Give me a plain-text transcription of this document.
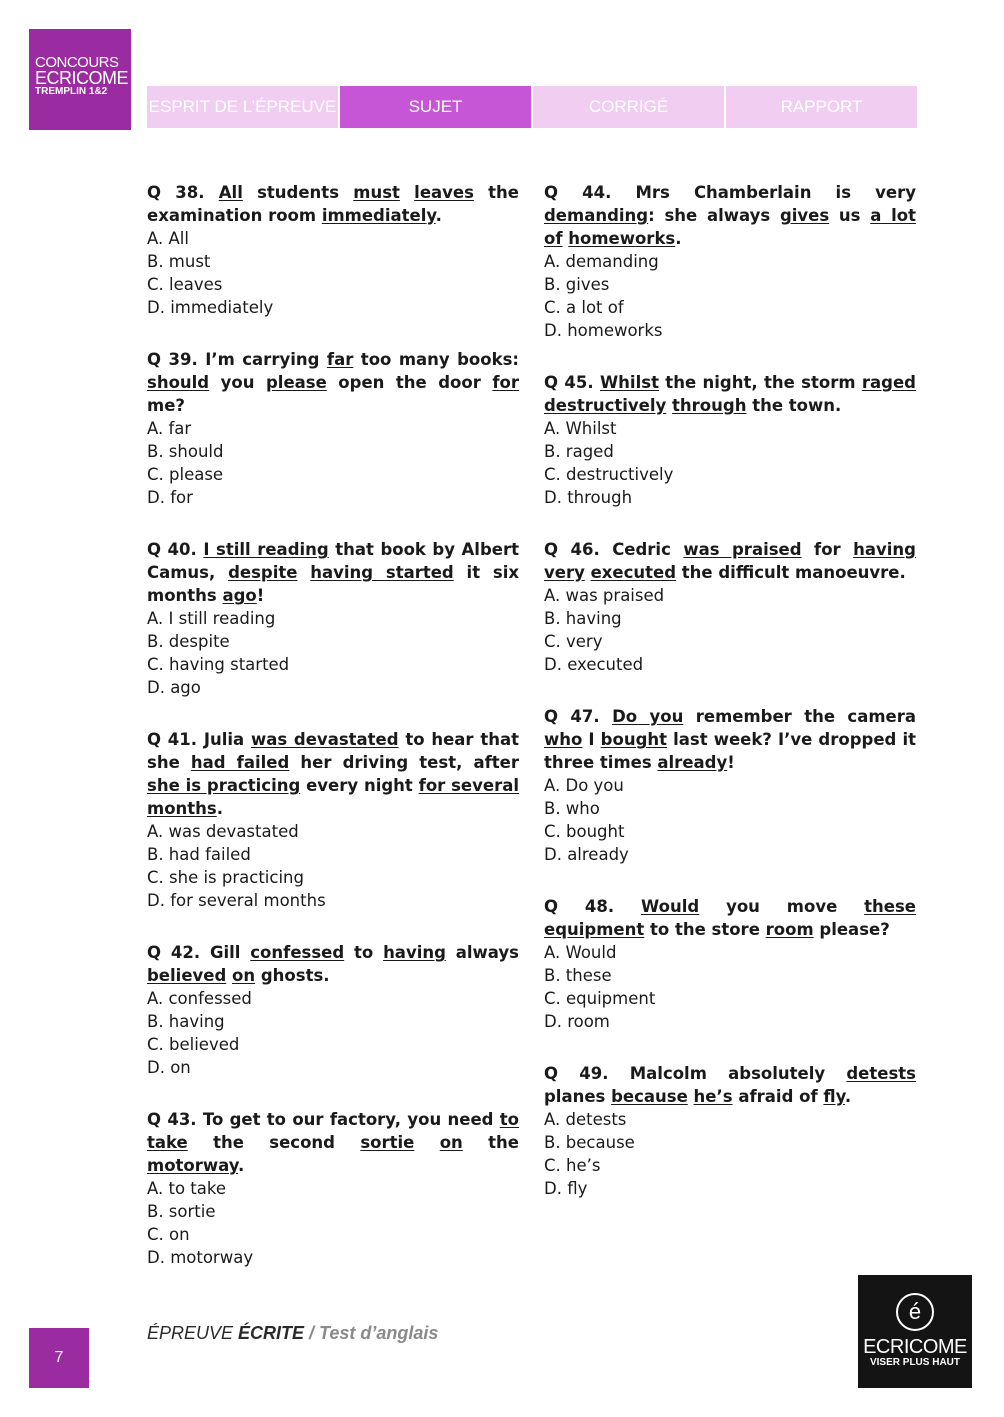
CONCOURS
ECRICOME
TREMPLIN 1&2
ESPRIT DE L’ÉPREUVE	SUJET	CORRIGÉ	RAPPORT

Q 38. All students must leaves the examination room immediately.

A. All

B. must

C. leaves

D. immediately

Q 39. I’m carrying far too many books: should you please open the door for me?

A. far

B. should

C. please

D. for

Q 40. I still reading that book by Albert Camus, despite having started it six months ago!

A. I still reading

B. despite

C. having started

D. ago

Q 41. Julia was devastated to hear that she had failed her driving test, after she is practicing every night for several months.

A. was devastated

B. had failed

C. she is practicing

D. for several months

Q 42. Gill confessed to having always believed on ghosts.

A. confessed

B. having

C. believed

D. on

Q 43. To get to our factory, you need to take the second sortie on the motorway.

A. to take

B. sortie

C. on

D. motorway

Q 44. Mrs Chamberlain is very demanding: she always gives us a lot of homeworks.

A. demanding

B. gives

C. a lot of

D. homeworks

Q 45. Whilst the night, the storm raged destructively through the town.

A. Whilst

B. raged

C. destructively

D. through

Q 46. Cedric was praised for having very executed the difficult manoeuvre.

A. was praised

B. having

C. very

D. executed

Q 47. Do you remember the camera who I bought last week? I’ve dropped it three times already!

A. Do you

B. who

C. bought

D. already

Q 48. Would you move these equipment to the store room please?

A. Would

B. these

C. equipment

D. room

Q 49. Malcolm absolutely detests planes because he’s afraid of fly.

A. detests

B. because

C. he’s

D. fly

7
ÉPREUVE ÉCRITE / Test d’anglais
é
ECRICOME
VISER PLUS HAUT
